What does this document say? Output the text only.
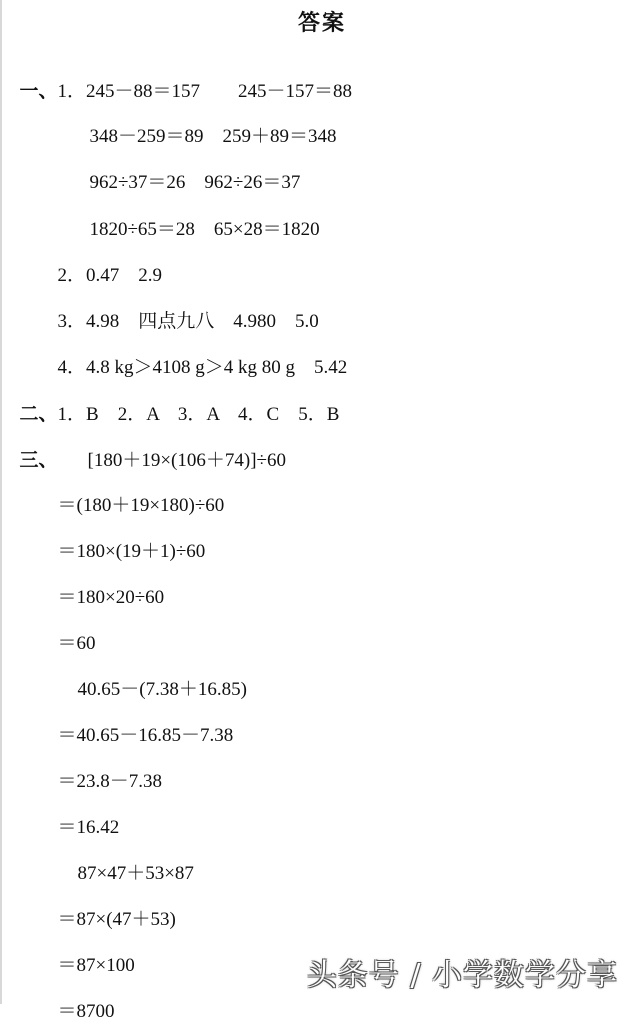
答案

一、1．245－88＝157        245－157＝88

348－259＝89    259＋89＝348

962÷37＝26    962÷26＝37

1820÷65＝28    65×28＝1820

2．0.47    2.9

3．4.98    四点九八    4.980    5.0

4．4.8 kg＞4108 g＞4 kg 80 g    5.42

二、1．B    2．A    3．A    4．C    5．B

三、 [180＋19×(106＋74)]÷60

＝(180＋19×180)÷60

＝180×(19＋1)÷60

＝180×20÷60

＝60

40.65－(7.38＋16.85)

＝40.65－16.85－7.38

＝23.8－7.38

＝16.42

87×47＋53×87

＝87×(47＋53)

＝87×100

＝8700

头条号 / 小学数学分享
